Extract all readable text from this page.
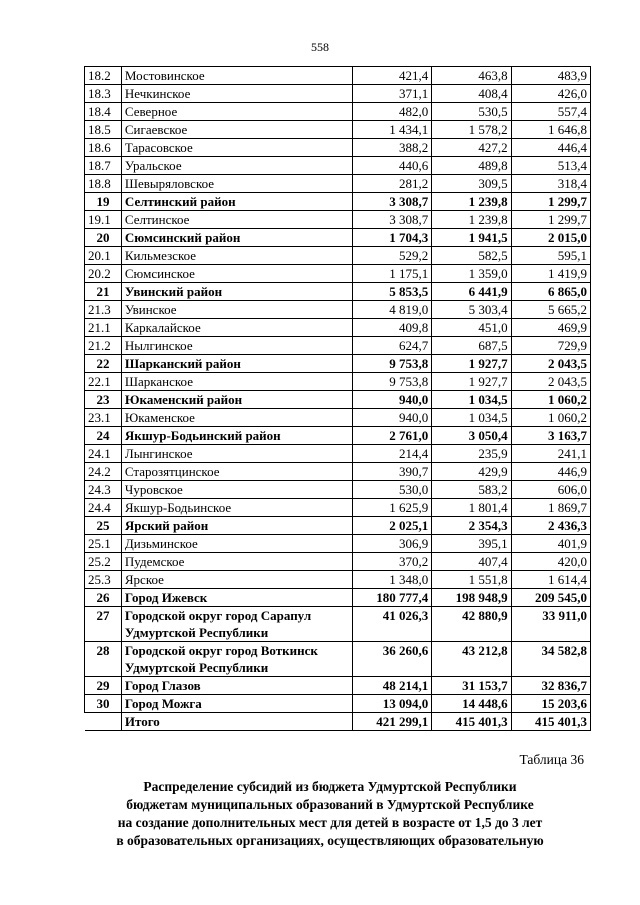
558
18.2	Мостовинское	421,4	463,8	483,9
18.3	Нечкинское	371,1	408,4	426,0
18.4	Северное	482,0	530,5	557,4
18.5	Сигаевское	1 434,1	1 578,2	1 646,8
18.6	Тарасовское	388,2	427,2	446,4
18.7	Уральское	440,6	489,8	513,4
18.8	Шевыряловское	281,2	309,5	318,4
19	Селтинский район	3 308,7	1 239,8	1 299,7
19.1	Селтинское	3 308,7	1 239,8	1 299,7
20	Сюмсинский район	1 704,3	1 941,5	2 015,0
20.1	Кильмезское	529,2	582,5	595,1
20.2	Сюмсинское	1 175,1	1 359,0	1 419,9
21	Увинский район	5 853,5	6 441,9	6 865,0
21.3	Увинское	4 819,0	5 303,4	5 665,2
21.1	Каркалайское	409,8	451,0	469,9
21.2	Нылгинское	624,7	687,5	729,9
22	Шарканский район	9 753,8	1 927,7	2 043,5
22.1	Шарканское	9 753,8	1 927,7	2 043,5
23	Юкаменский район	940,0	1 034,5	1 060,2
23.1	Юкаменское	940,0	1 034,5	1 060,2
24	Якшур-Бодьинский район	2 761,0	3 050,4	3 163,7
24.1	Лынгинское	214,4	235,9	241,1
24.2	Старозятцинское	390,7	429,9	446,9
24.3	Чуровское	530,0	583,2	606,0
24.4	Якшур-Бодьинское	1 625,9	1 801,4	1 869,7
25	Ярский район	2 025,1	2 354,3	2 436,3
25.1	Дизьминское	306,9	395,1	401,9
25.2	Пудемское	370,2	407,4	420,0
25.3	Ярское	1 348,0	1 551,8	1 614,4
26	Город Ижевск	180 777,4	198 948,9	209 545,0
27	Городской округ город Сарапул Удмуртской Республики	41 026,3	42 880,9	33 911,0
28	Городской округ город Воткинск Удмуртской Республики	36 260,6	43 212,8	34 582,8
29	Город Глазов	48 214,1	31 153,7	32 836,7
30	Город Можга	13 094,0	14 448,6	15 203,6
	Итого	421 299,1	415 401,3	415 401,3
Таблица 36
Распределение субсидий из бюджета Удмуртской Республики
бюджетам муниципальных образований в Удмуртской Республике
на создание дополнительных мест для детей в возрасте от 1,5 до 3 лет
в образовательных организациях, осуществляющих образовательную
